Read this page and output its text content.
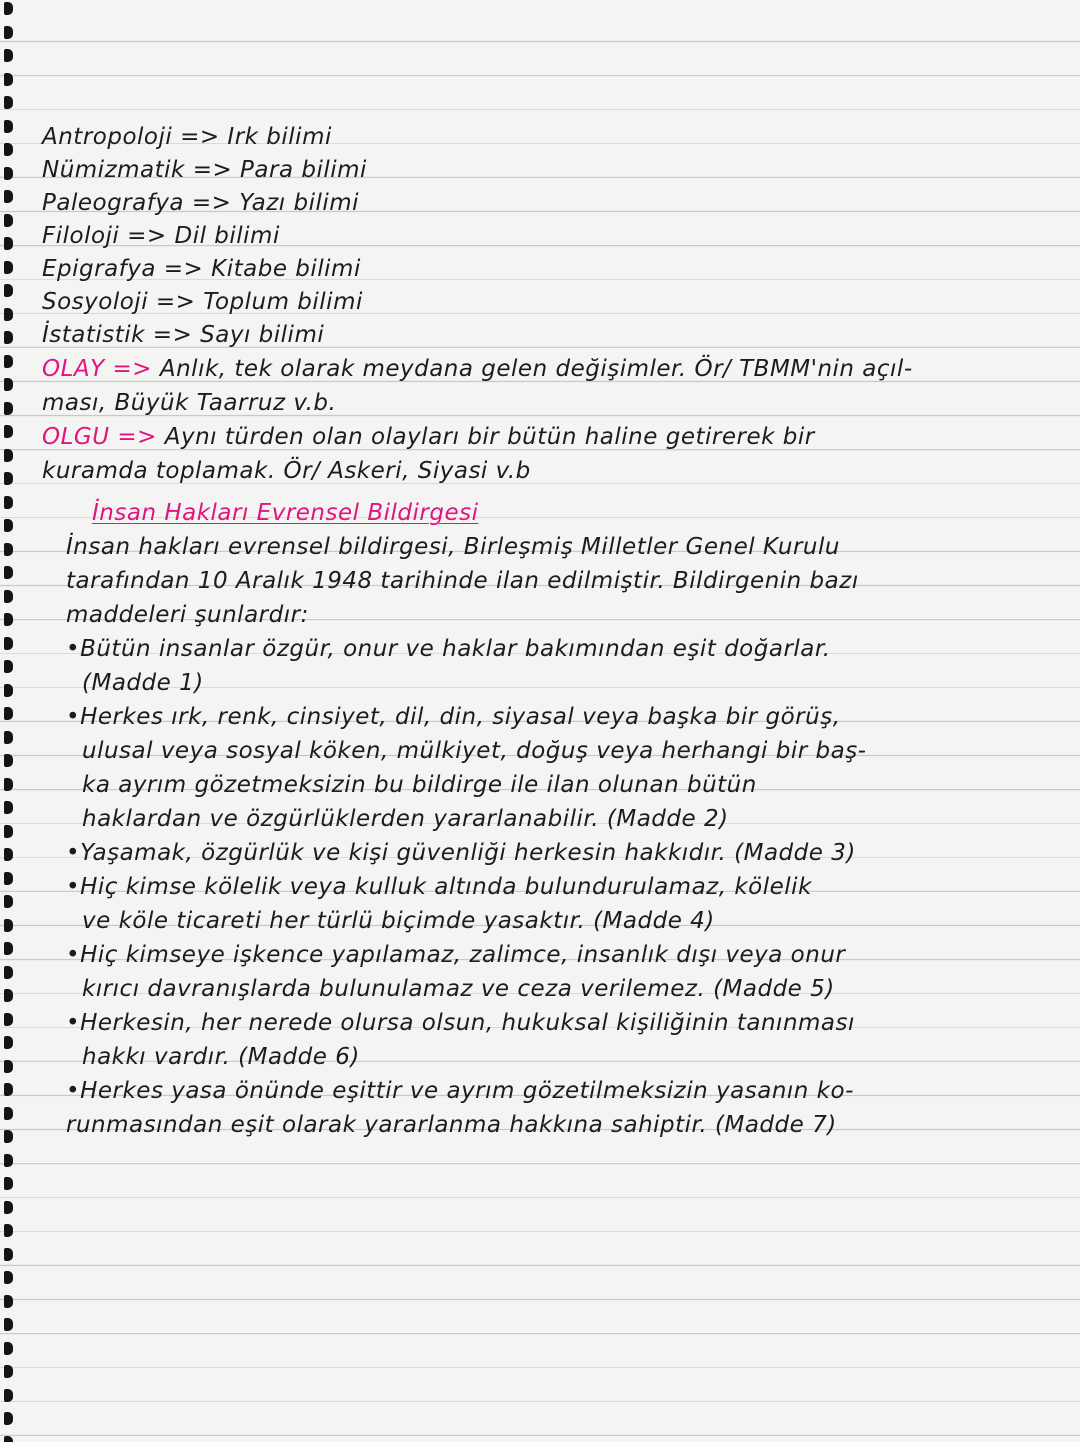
Antropoloji => Irk bilimi
Nümizmatik => Para bilimi
Paleografya => Yazı bilimi
Filoloji => Dil bilimi
Epigrafya => Kitabe bilimi
Sosyoloji => Toplum bilimi
İstatistik => Sayı bilimi
OLAY => Anlık, tek olarak meydana gelen değişimler. Ör/ TBMM'nin açıl-
ması, Büyük Taarruz v.b.
OLGU => Aynı türden olan olayları bir bütün haline getirerek bir
kuramda toplamak. Ör/ Askeri, Siyasi v.b
İnsan Hakları Evrensel Bildirgesi
İnsan hakları evrensel bildirgesi, Birleşmiş Milletler Genel Kurulu
tarafından 10 Aralık 1948 tarihinde ilan edilmiştir. Bildirgenin bazı
maddeleri şunlardır:
•Bütün insanlar özgür, onur ve haklar bakımından eşit doğarlar.
(Madde 1)
•Herkes ırk, renk, cinsiyet, dil, din, siyasal veya başka bir görüş,
ulusal veya sosyal köken, mülkiyet, doğuş veya herhangi bir baş-
ka ayrım gözetmeksizin bu bildirge ile ilan olunan bütün
haklardan ve özgürlüklerden yararlanabilir. (Madde 2)
•Yaşamak, özgürlük ve kişi güvenliği herkesin hakkıdır. (Madde 3)
•Hiç kimse kölelik veya kulluk altında bulundurulamaz, kölelik
ve köle ticareti her türlü biçimde yasaktır. (Madde 4)
•Hiç kimseye işkence yapılamaz, zalimce, insanlık dışı veya onur
kırıcı davranışlarda bulunulamaz ve ceza verilemez. (Madde 5)
•Herkesin, her nerede olursa olsun, hukuksal kişiliğinin tanınması
hakkı vardır. (Madde 6)
•Herkes yasa önünde eşittir ve ayrım gözetilmeksizin yasanın ko-
runmasından eşit olarak yararlanma hakkına sahiptir. (Madde 7)
